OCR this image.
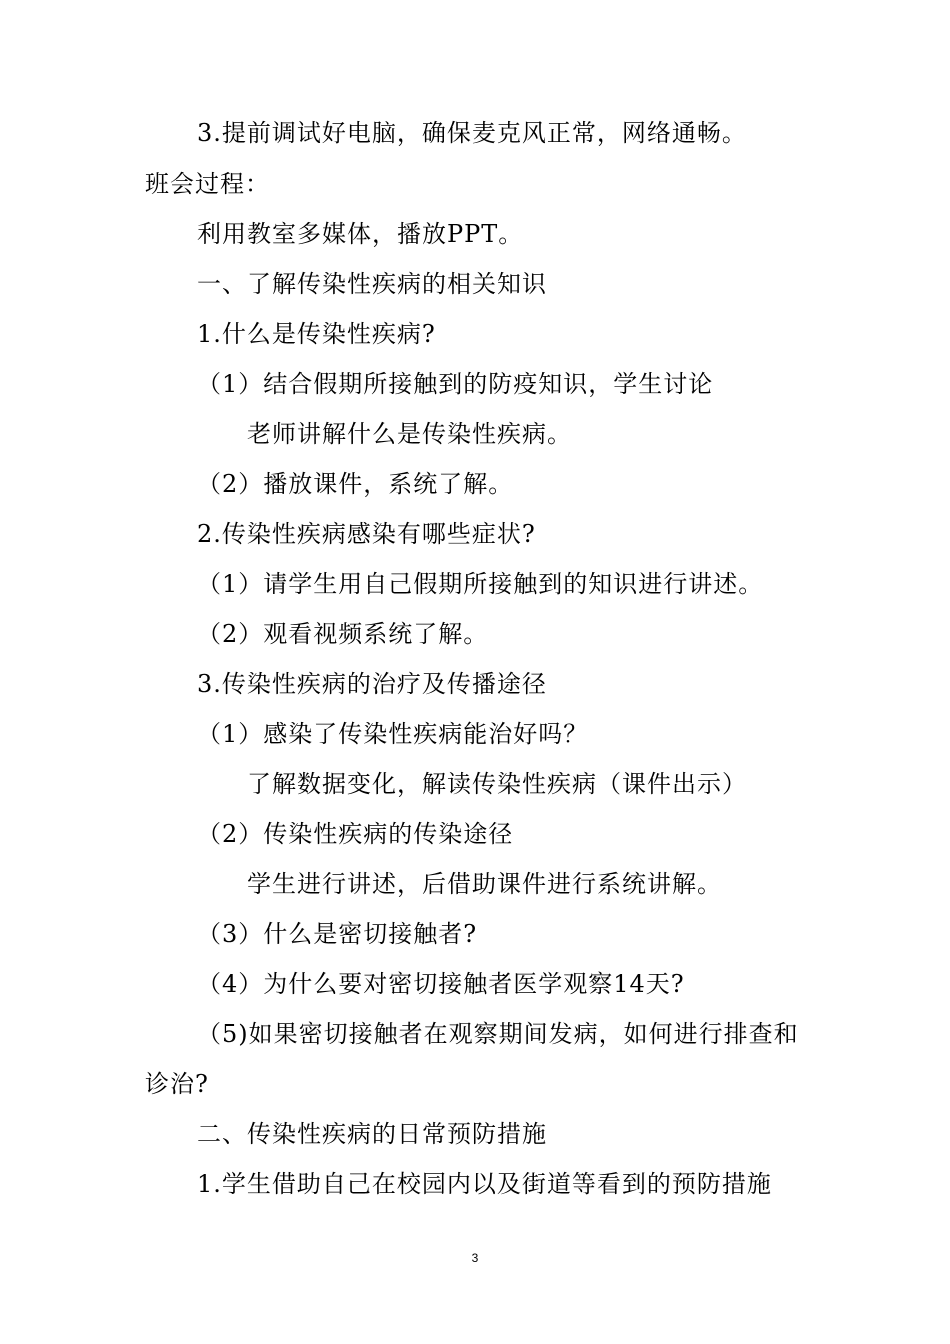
3.提前调试好电脑，确保麦克风正常，网络通畅。
班会过程：
利用教室多媒体，播放PPT。
一、了解传染性疾病的相关知识
1.什么是传染性疾病?
（1）结合假期所接触到的防疫知识，学生讨论
老师讲解什么是传染性疾病。
（2）播放课件，系统了解。
2.传染性疾病感染有哪些症状?
（1）请学生用自己假期所接触到的知识进行讲述。
（2）观看视频系统了解。
3.传染性疾病的治疗及传播途径
（1）感染了传染性疾病能治好吗？
了解数据变化，解读传染性疾病（课件出示）
（2）传染性疾病的传染途径
学生进行讲述，后借助课件进行系统讲解。
（3）什么是密切接触者?
（4）为什么要对密切接触者医学观察14天?
（5)如果密切接触者在观察期间发病，如何进行排查和
诊治?
二、传染性疾病的日常预防措施
1.学生借助自己在校园内以及街道等看到的预防措施
3
